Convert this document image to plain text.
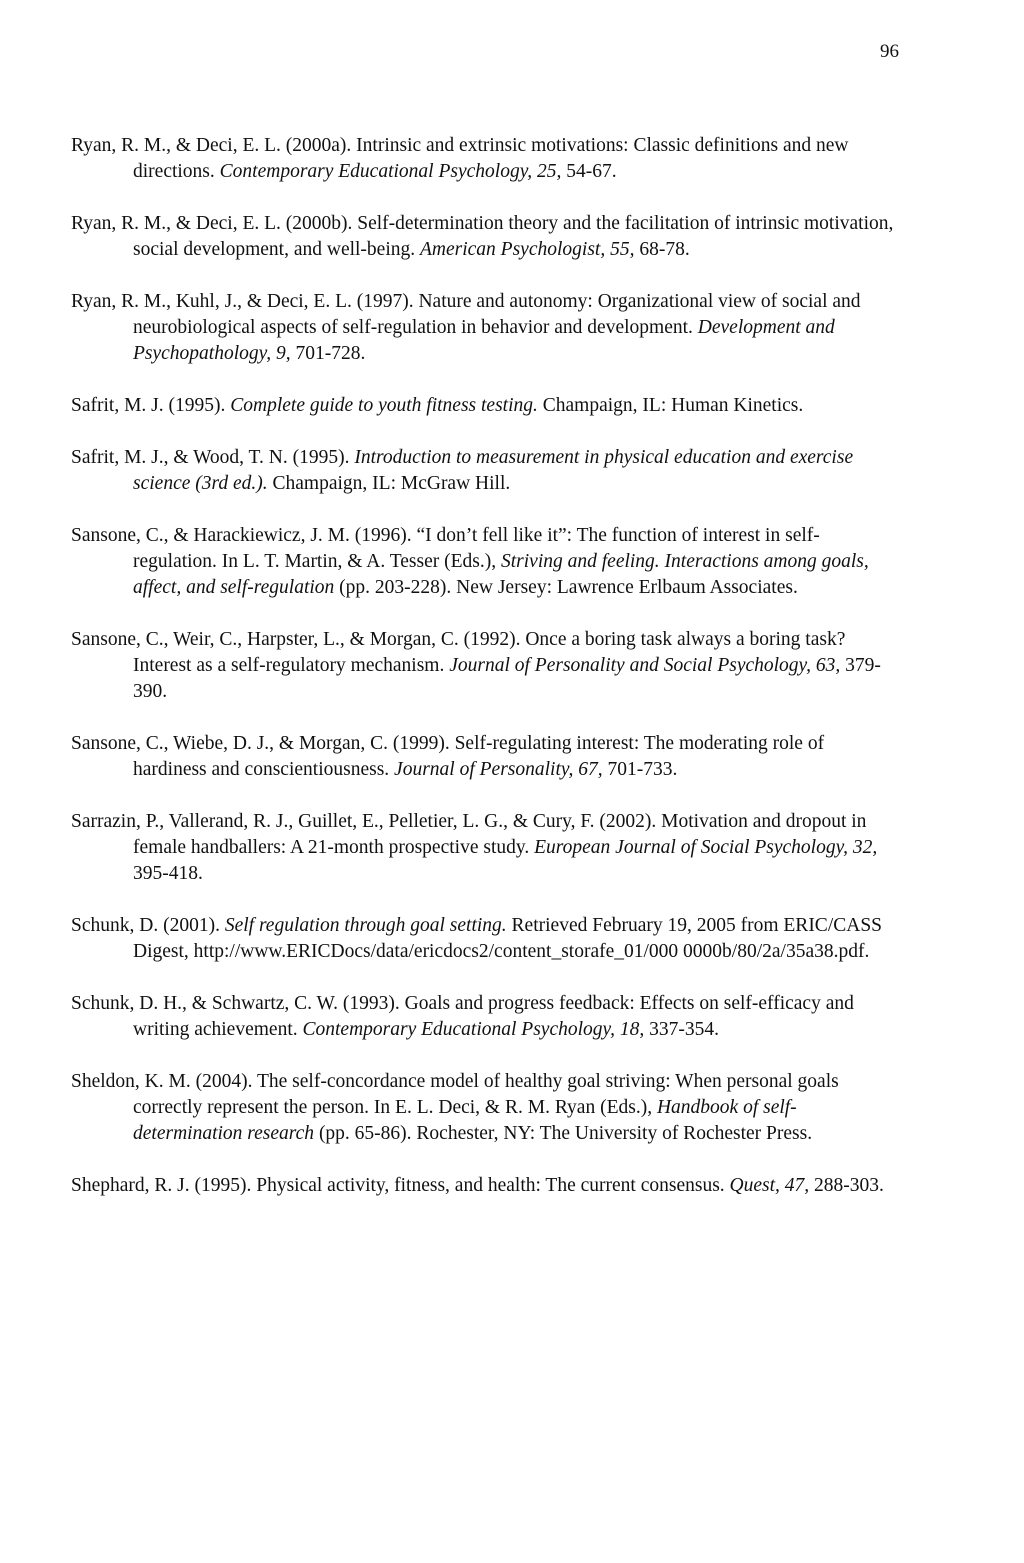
96

Ryan, R. M., & Deci, E. L. (2000a). Intrinsic and extrinsic motivations: Classic definitions and new directions. Contemporary Educational Psychology, 25, 54-67.

Ryan, R. M., & Deci, E. L. (2000b). Self-determination theory and the facilitation of intrinsic motivation, social development, and well-being. American Psychologist, 55, 68-78.

Ryan, R. M., Kuhl, J., & Deci, E. L. (1997). Nature and autonomy: Organizational view of social and neurobiological aspects of self-regulation in behavior and development. Development and Psychopathology, 9, 701-728.

Safrit, M. J. (1995). Complete guide to youth fitness testing. Champaign, IL: Human Kinetics.

Safrit, M. J., & Wood, T. N. (1995). Introduction to measurement in physical education and exercise science (3rd ed.). Champaign, IL: McGraw Hill.

Sansone, C., & Harackiewicz, J. M. (1996). “I don’t fell like it”: The function of interest in self-regulation. In L. T. Martin, & A. Tesser (Eds.), Striving and feeling. Interactions among goals, affect, and self-regulation (pp. 203-228). New Jersey: Lawrence Erlbaum Associates.

Sansone, C., Weir, C., Harpster, L., & Morgan, C. (1992). Once a boring task always a boring task? Interest as a self-regulatory mechanism. Journal of Personality and Social Psychology, 63, 379-390.

Sansone, C., Wiebe, D. J., & Morgan, C. (1999). Self-regulating interest: The moderating role of hardiness and conscientiousness. Journal of Personality, 67, 701-733.

Sarrazin, P., Vallerand, R. J., Guillet, E., Pelletier, L. G., & Cury, F. (2002). Motivation and dropout in female handballers: A 21-month prospective study. European Journal of Social Psychology, 32, 395-418.

Schunk, D. (2001). Self regulation through goal setting. Retrieved February 19, 2005 from ERIC/CASS Digest, http://www.ERICDocs/data/ericdocs2/content_storafe_01/000 0000b/80/2a/35a38.pdf.

Schunk, D. H., & Schwartz, C. W. (1993). Goals and progress feedback: Effects on self-efficacy and writing achievement. Contemporary Educational Psychology, 18, 337-354.

Sheldon, K. M. (2004). The self-concordance model of healthy goal striving: When personal goals correctly represent the person. In E. L. Deci, & R. M. Ryan (Eds.), Handbook of self-determination research (pp. 65-86). Rochester, NY: The University of Rochester Press.

Shephard, R. J. (1995). Physical activity, fitness, and health: The current consensus. Quest, 47, 288-303.
